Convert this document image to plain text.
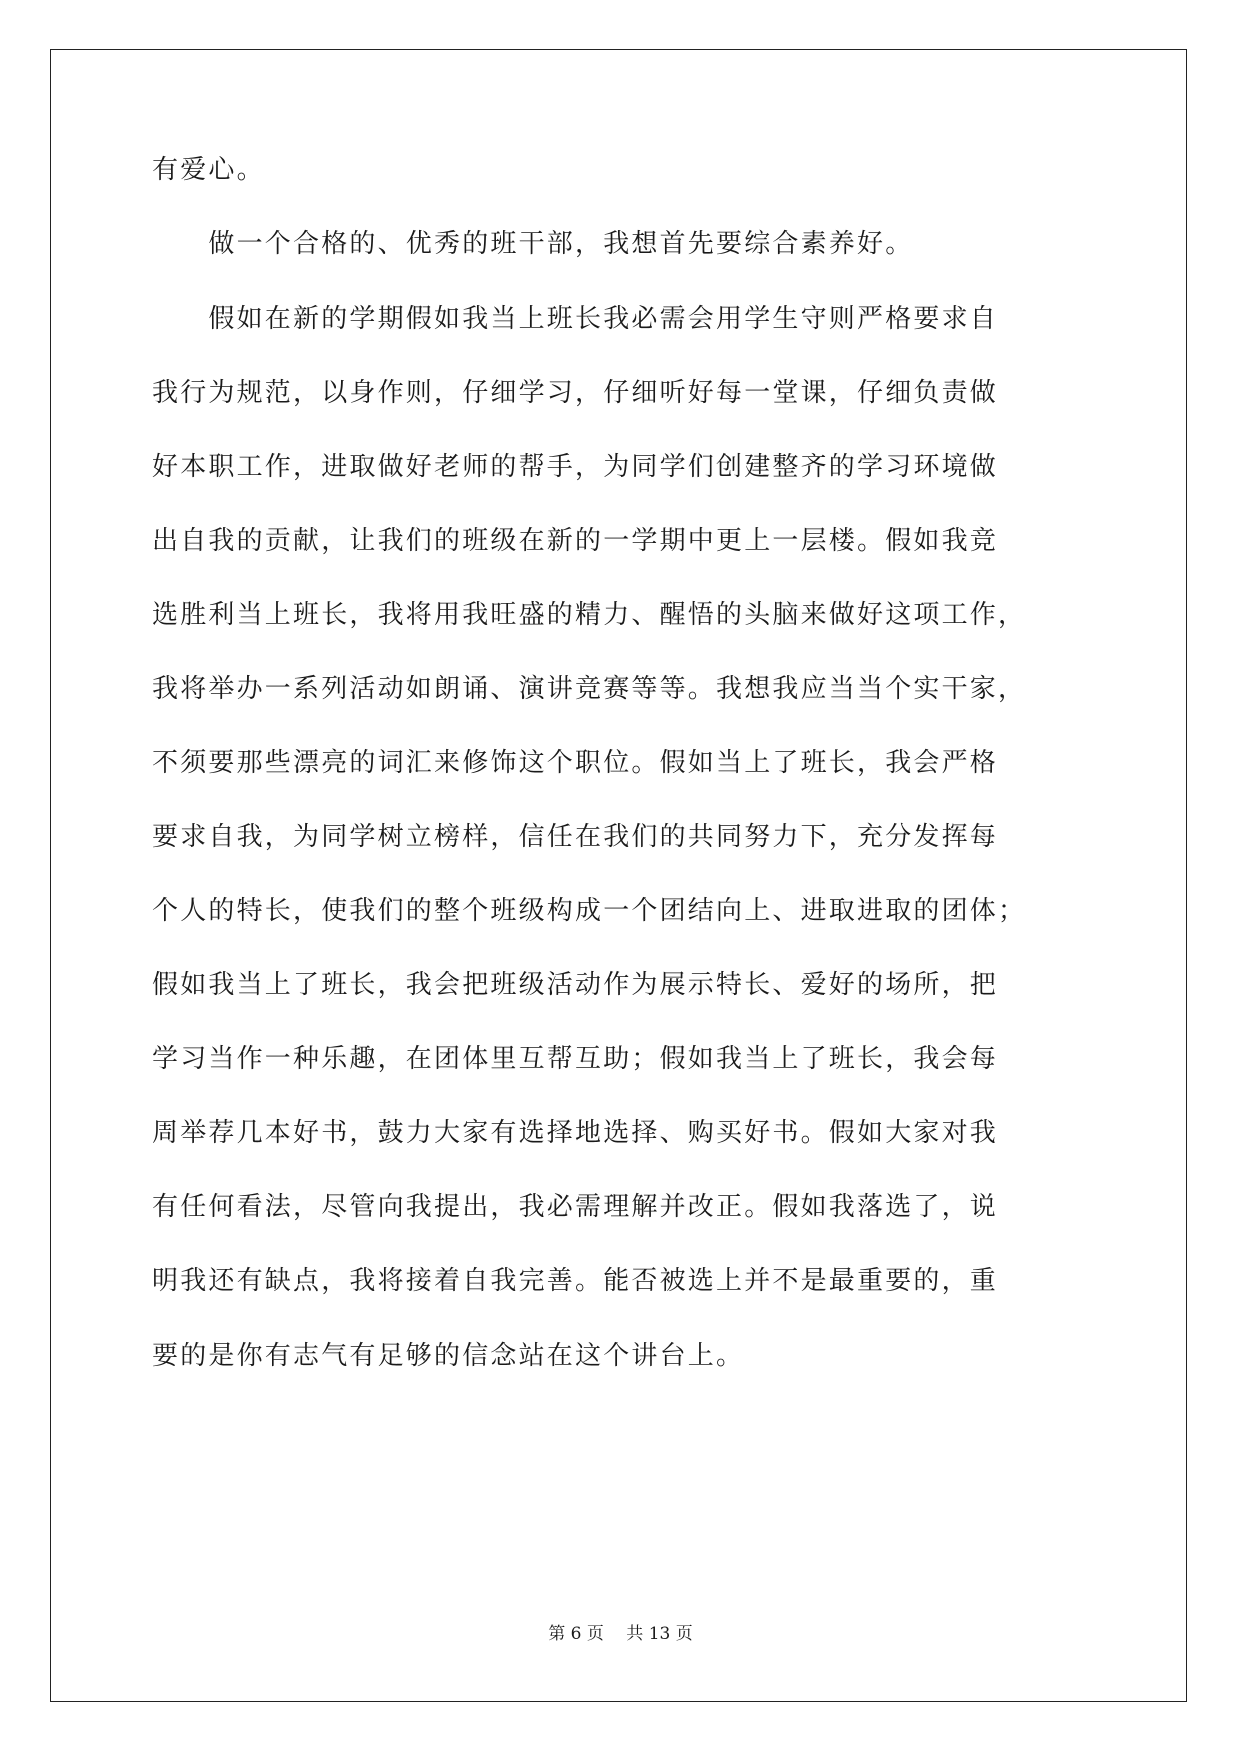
有爱心。
　　做一个合格的、优秀的班干部，我想首先要综合素养好。
　　假如在新的学期假如我当上班长我必需会用学生守则严格要求自
我行为规范，以身作则，仔细学习，仔细听好每一堂课，仔细负责做
好本职工作，进取做好老师的帮手，为同学们创建整齐的学习环境做
出自我的贡献，让我们的班级在新的一学期中更上一层楼。假如我竞
选胜利当上班长，我将用我旺盛的精力、醒悟的头脑来做好这项工作，
我将举办一系列活动如朗诵、演讲竞赛等等。我想我应当当个实干家，
不须要那些漂亮的词汇来修饰这个职位。假如当上了班长，我会严格
要求自我，为同学树立榜样，信任在我们的共同努力下，充分发挥每
个人的特长，使我们的整个班级构成一个团结向上、进取进取的团体；
假如我当上了班长，我会把班级活动作为展示特长、爱好的场所，把
学习当作一种乐趣，在团体里互帮互助；假如我当上了班长，我会每
周举荐几本好书，鼓力大家有选择地选择、购买好书。假如大家对我
有任何看法，尽管向我提出，我必需理解并改正。假如我落选了，说
明我还有缺点，我将接着自我完善。能否被选上并不是最重要的，重
要的是你有志气有足够的信念站在这个讲台上。
第 6 页　 共 13 页
